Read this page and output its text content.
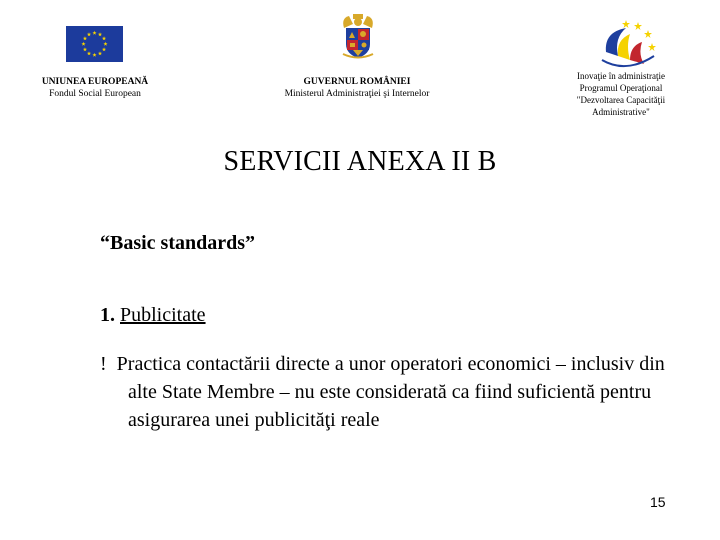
UNIUNEA EUROPEANĂ
Fondul Social European
GUVERNUL ROMÂNIEI
Ministerul Administraţiei şi Internelor
Inovaţie în administraţie
Programul Operaţional
"Dezvoltarea Capacităţii
Administrative"
SERVICII ANEXA II B
“Basic standards”
1. Publicitate
! Practica contactării directe a unor operatori economici – inclusiv din alte State Membre – nu este considerată ca fiind suficientă pentru asigurarea unei publicităţi reale
15
